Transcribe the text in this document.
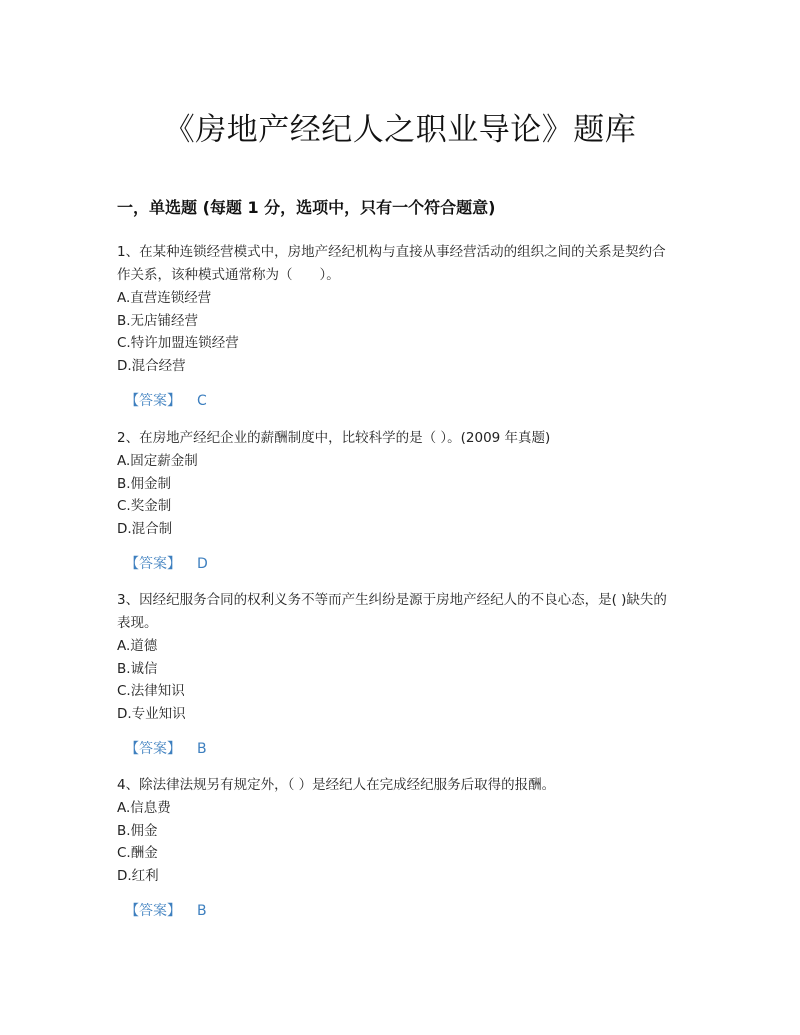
《房地产经纪人之职业导论》题库
一，单选题 (每题 1 分，选项中，只有一个符合题意)

1、在某种连锁经营模式中，房地产经纪机构与直接从事经营活动的组织之间的关系是契约合作关系，该种模式通常称为（　　）。

A.直营连锁经营
B.无店铺经营
C.特许加盟连锁经营
D.混合经营
【答案】 C

2、在房地产经纪企业的薪酬制度中，比较科学的是（ ）。(2009 年真题)

A.固定薪金制
B.佣金制
C.奖金制
D.混合制
【答案】 D

3、因经纪服务合同的权利义务不等而产生纠纷是源于房地产经纪人的不良心态，是( )缺失的表现。

A.道德
B.诚信
C.法律知识
D.专业知识
【答案】 B

4、除法律法规另有规定外，（ ）是经纪人在完成经纪服务后取得的报酬。

A.信息费
B.佣金
C.酬金
D.红利
【答案】 B
